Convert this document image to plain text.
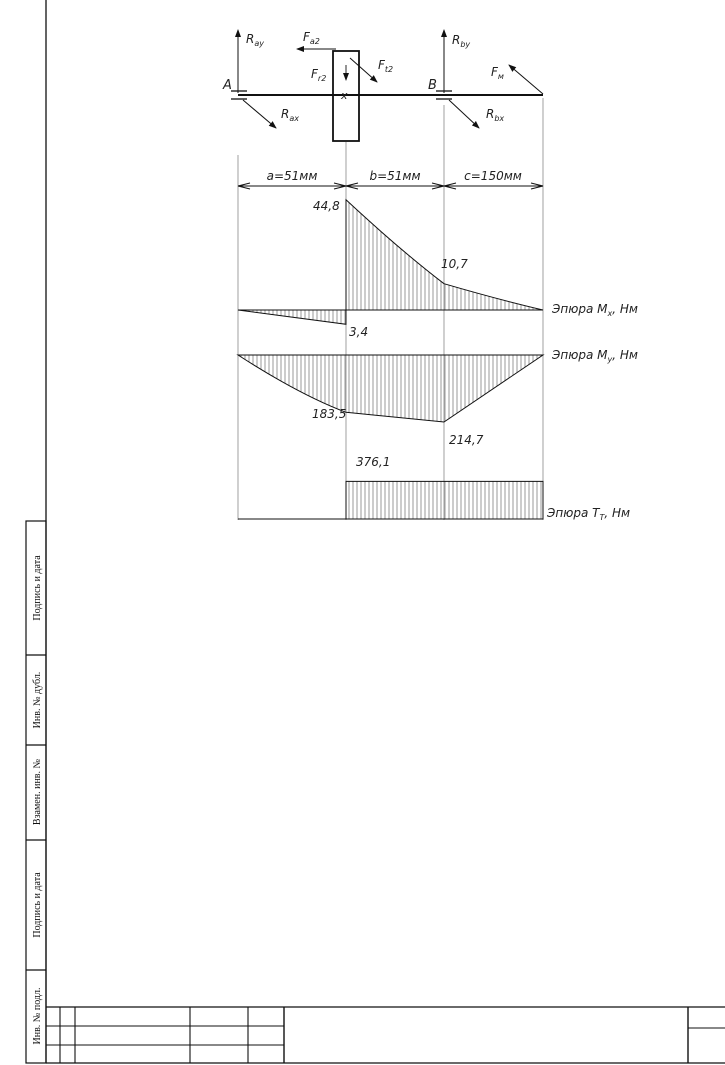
Подпись и дата
Инв. № дубл.
Взамен. инв. №
Подпись и дата
Инв. № подл.
x
A	B
$R_{ay}$	$F_{a2}$
$F_{r2}$
$F_{t2}$
$R_{by}$
$F_м$
$R_{ax}$	$R_{bx}$
a=51мм	b=51мм	c=150мм
44,8
10,7
3,4
Эпюра $M_x$, Нм
183,5
214,7
Эпюра $M_y$, Нм
376,1
Эпюра $T_T$, Нм
